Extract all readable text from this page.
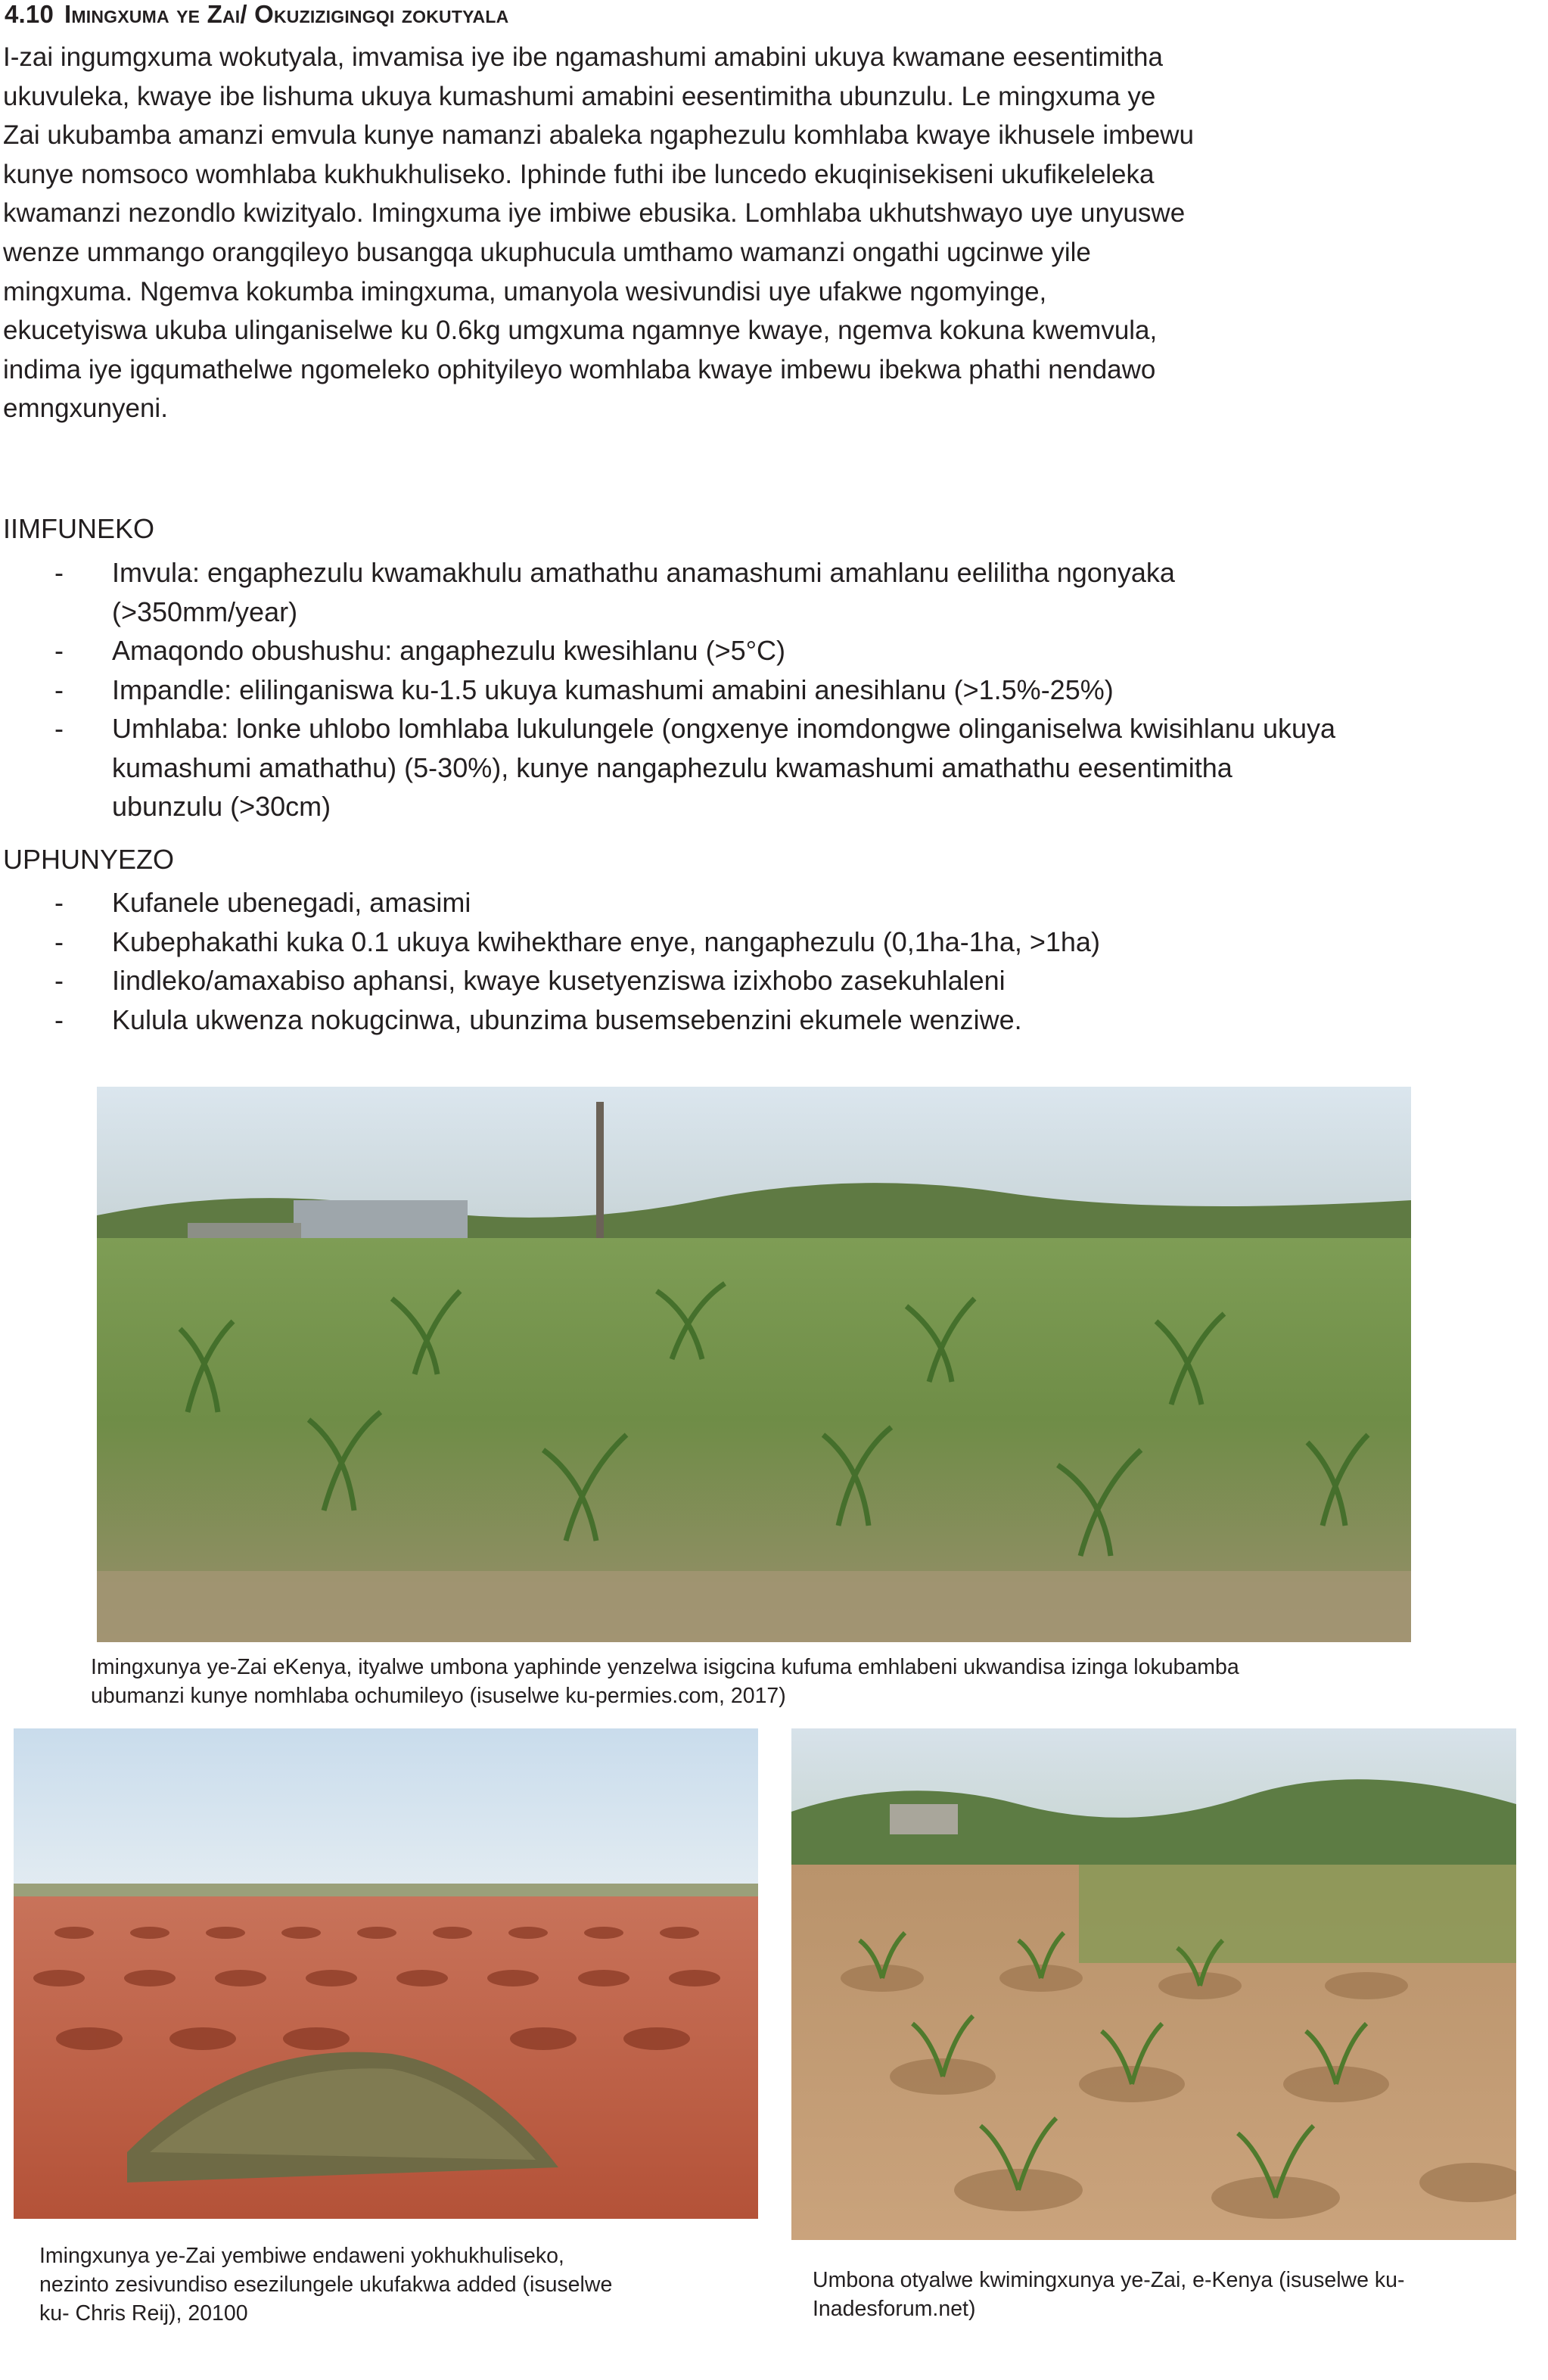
4.10 Imingxuma ye Zai/ Okuzizigingqi zokutyala

I-zai ingumgxuma wokutyala, imvamisa iye ibe ngamashumi amabini ukuya kwamane eesentimitha
ukuvuleka, kwaye ibe lishuma ukuya kumashumi amabini eesentimitha ubunzulu. Le mingxuma ye
Zai ukubamba amanzi emvula kunye namanzi abaleka ngaphezulu komhlaba kwaye ikhusele imbewu
kunye nomsoco womhlaba kukhukhuliseko. Iphinde futhi ibe luncedo ekuqinisekiseni ukufikeleleka
kwamanzi nezondlo kwizityalo. Imingxuma iye imbiwe ebusika. Lomhlaba ukhutshwayo uye unyuswe
wenze ummango orangqileyo busangqa ukuphucula umthamo wamanzi ongathi ugcinwe yile
mingxuma. Ngemva kokumba imingxuma, umanyola wesivundisi uye ufakwe ngomyinge,
ekucetyiswa ukuba ulinganiselwe ku 0.6kg umgxuma ngamnye kwaye, ngemva kokuna kwemvula,
indima iye igqumathelwe ngomeleko ophityileyo womhlaba kwaye imbewu ibekwa phathi nendawo
emngxunyeni.

IIMFUNEKO

- Imvula: engaphezulu kwamakhulu amathathu anamashumi amahlanu eelilitha ngonyaka (>350mm/year)
- Amaqondo obushushu: angaphezulu kwesihlanu (>5°C)
- Impandle: elilinganiswa ku-1.5 ukuya kumashumi amabini anesihlanu (>1.5%-25%)
- Umhlaba: lonke uhlobo lomhlaba lukulungele (ongxenye inomdongwe olinganiselwa kwisihlanu ukuya kumashumi amathathu) (5-30%), kunye nangaphezulu kwamashumi amathathu eesentimitha ubunzulu (>30cm)

UPHUNYEZO

- Kufanele ubenegadi, amasimi
- Kubephakathi kuka 0.1 ukuya kwihekthare enye, nangaphezulu (0,1ha-1ha, >1ha)
- Iindleko/amaxabiso aphansi, kwaye kusetyenziswa izixhobo zasekuhlaleni
- Kulula ukwenza nokugcinwa, ubunzima busemsebenzini ekumele wenziwe.

Imingxunya ye-Zai eKenya, ityalwe umbona yaphinde yenzelwa isigcina kufuma emhlabeni ukwandisa izinga lokubamba
ubumanzi kunye nomhlaba ochumileyo (isuselwe ku-permies.com, 2017)

Imingxunya ye-Zai yembiwe endaweni yokhukhuliseko,
nezinto zesivundiso esezilungele ukufakwa added (isuselwe
ku- Chris Reij), 20100

Umbona otyalwe kwimingxunya ye-Zai, e-Kenya (isuselwe ku-
Inadesforum.net)
